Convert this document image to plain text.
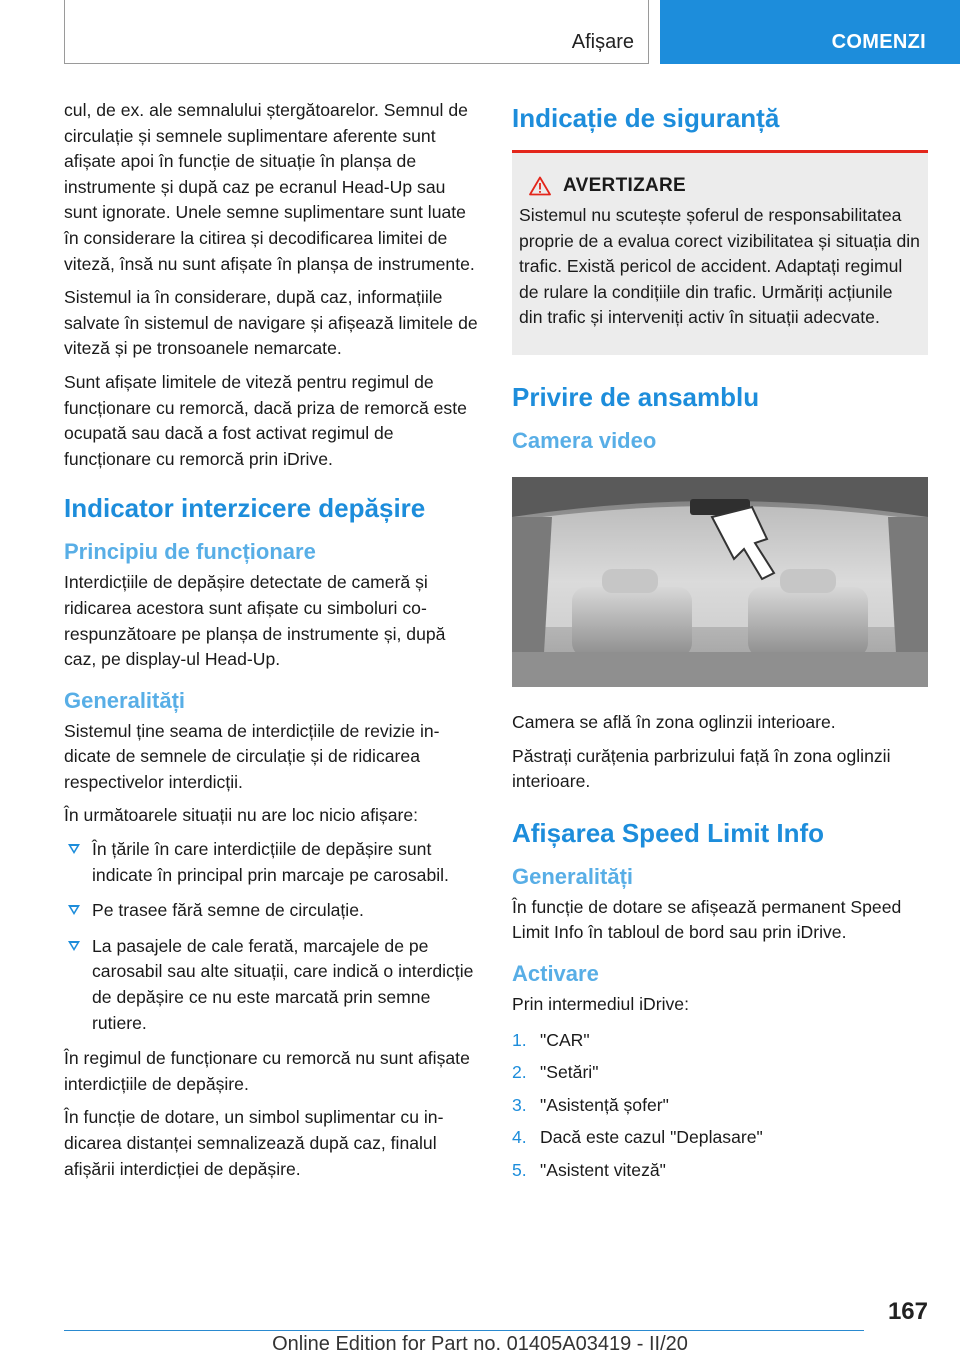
Afișare	COMENZI

cul, de ex. ale semnalului ștergătoarelor. Semnul de circulație și semnele suplimentare aferente sunt afișate apoi în funcție de situație în planșa de instrumente și după caz pe ecranul Head-Up sau sunt ignorate. Unele semne suplimentare sunt luate în considerare la citirea și decodificarea limitei de viteză, însă nu sunt afișate în planșa de instrumente.

Sistemul ia în considerare, după caz, informațiile salvate în sistemul de navigare și afișează limitele de viteză și pe tronsoanele nemarcate.

Sunt afișate limitele de viteză pentru regimul de funcționare cu remorcă, dacă priza de remorcă este ocupată sau dacă a fost activat regimul de funcționare cu remorcă prin iDrive.

Indicator interzicere depășire
Principiu de funcționare

Interdicțiile de depășire detectate de cameră și ridicarea acestora sunt afișate cu simboluri corespunzătoare pe planșa de instrumente și, după caz, pe display-ul Head-Up.

Generalități

Sistemul ține seama de interdicțiile de revizie indicate de semnele de circulație și de ridicarea respectivelor interdicții.

În următoarele situații nu are loc nicio afișare:

În țările în care interdicțiile de depășire sunt indicate în principal prin marcaje pe carosabil.
Pe trasee fără semne de circulație.
La pasajele de cale ferată, marcajele de pe carosabil sau alte situații, care indică o interdicție de depășire ce nu este marcată prin semne rutiere.

În regimul de funcționare cu remorcă nu sunt afișate interdicțiile de depășire.

În funcție de dotare, un simbol suplimentar cu indicarea distanței semnalizează după caz, finalul afișării interdicției de depășire.

Indicație de siguranță
AVERTIZARE

Sistemul nu scutește șoferul de responsabilitatea proprie de a evalua corect vizibilitatea și situația din trafic. Există pericol de accident. Adaptați regimul de rulare la condițiile din trafic. Urmăriți acțiunile din trafic și interveniți activ în situații adecvate.

Privire de ansamblu
Camera video

Camera se află în zona oglinzii interioare.

Păstrați curățenia parbrizului față în zona oglinzii interioare.

Afișarea Speed Limit Info
Generalități

În funcție de dotare se afișează permanent Speed Limit Info în tabloul de bord sau prin iDrive.

Activare

Prin intermediul iDrive:

1. "CAR"
2. "Setări"
3. "Asistență șofer"
4. Dacă este cazul "Deplasare"
5. "Asistent viteză"
167
Online Edition for Part no. 01405A03419 - II/20
